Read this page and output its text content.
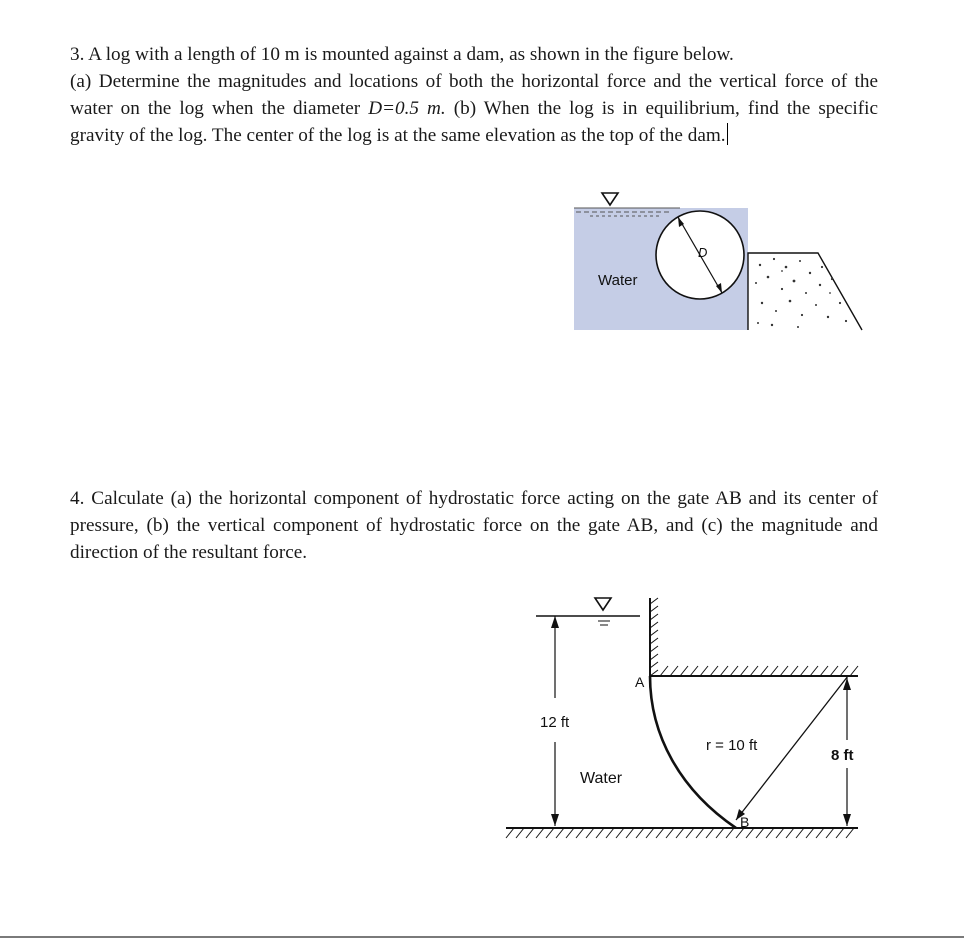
3. A log with a length of 10 m is mounted against a dam, as shown in the figure below.

(a) Determine the magnitudes and locations of both the horizontal force and the vertical force of the water on the log when the diameter D=0.5 m. (b) When the log is in equilibrium, find the specific gravity of the log. The center of the log is at the same elevation as the top of the dam.

D
Water

4. Calculate (a) the horizontal component of hydrostatic force acting on the gate AB and its center of pressure, (b) the vertical component of hydrostatic force on the gate AB, and (c) the magnitude and direction of the resultant force.

12 ft
A
B
r = 10 ft
8 ft
Water
